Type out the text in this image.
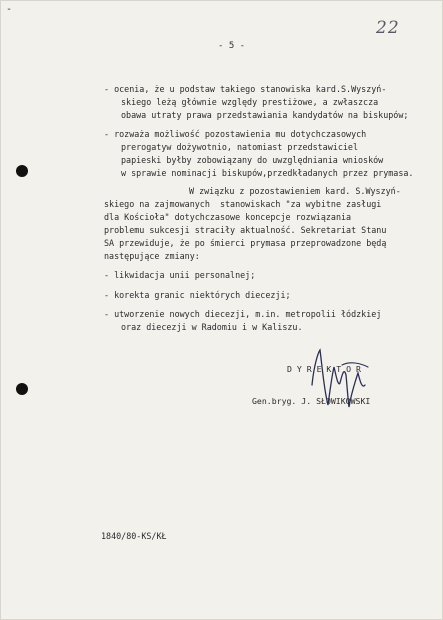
-
22
- 5 -
- ocenia, że u podstaw takiego stanowiska kard.S.Wyszyń-
skiego leżą głównie względy prestiżowe, a zwłaszcza
obawa utraty prawa przedstawiania kandydatów na biskupów;
- rozważa możliwość pozostawienia mu dotychczasowych
prerogatyw dożywotnio, natomiast przedstawiciel
papieski byłby zobowiązany do uwzględniania wniosków
w sprawie nominacji biskupów,przedkładanych przez prymasa.
W związku z pozostawieniem kard. S.Wyszyń-
skiego na zajmowanych  stanowiskach "za wybitne zasługi
dla Kościoła" dotychczasowe koncepcje rozwiązania
problemu sukcesji straciły aktualność. Sekretariat Stanu
SA przewiduje, że po śmierci prymasa przeprowadzone będą
następujące zmiany:
- likwidacja unii personalnej;
- korekta granic niektórych diecezji;
- utworzenie nowych diecezji, m.in. metropolii łódzkiej
oraz diecezji w Radomiu i w Kaliszu.
D Y R E K T O R
Gen.bryg. J. SŁOWIKOWSKI
1840/80-KS/KŁ
